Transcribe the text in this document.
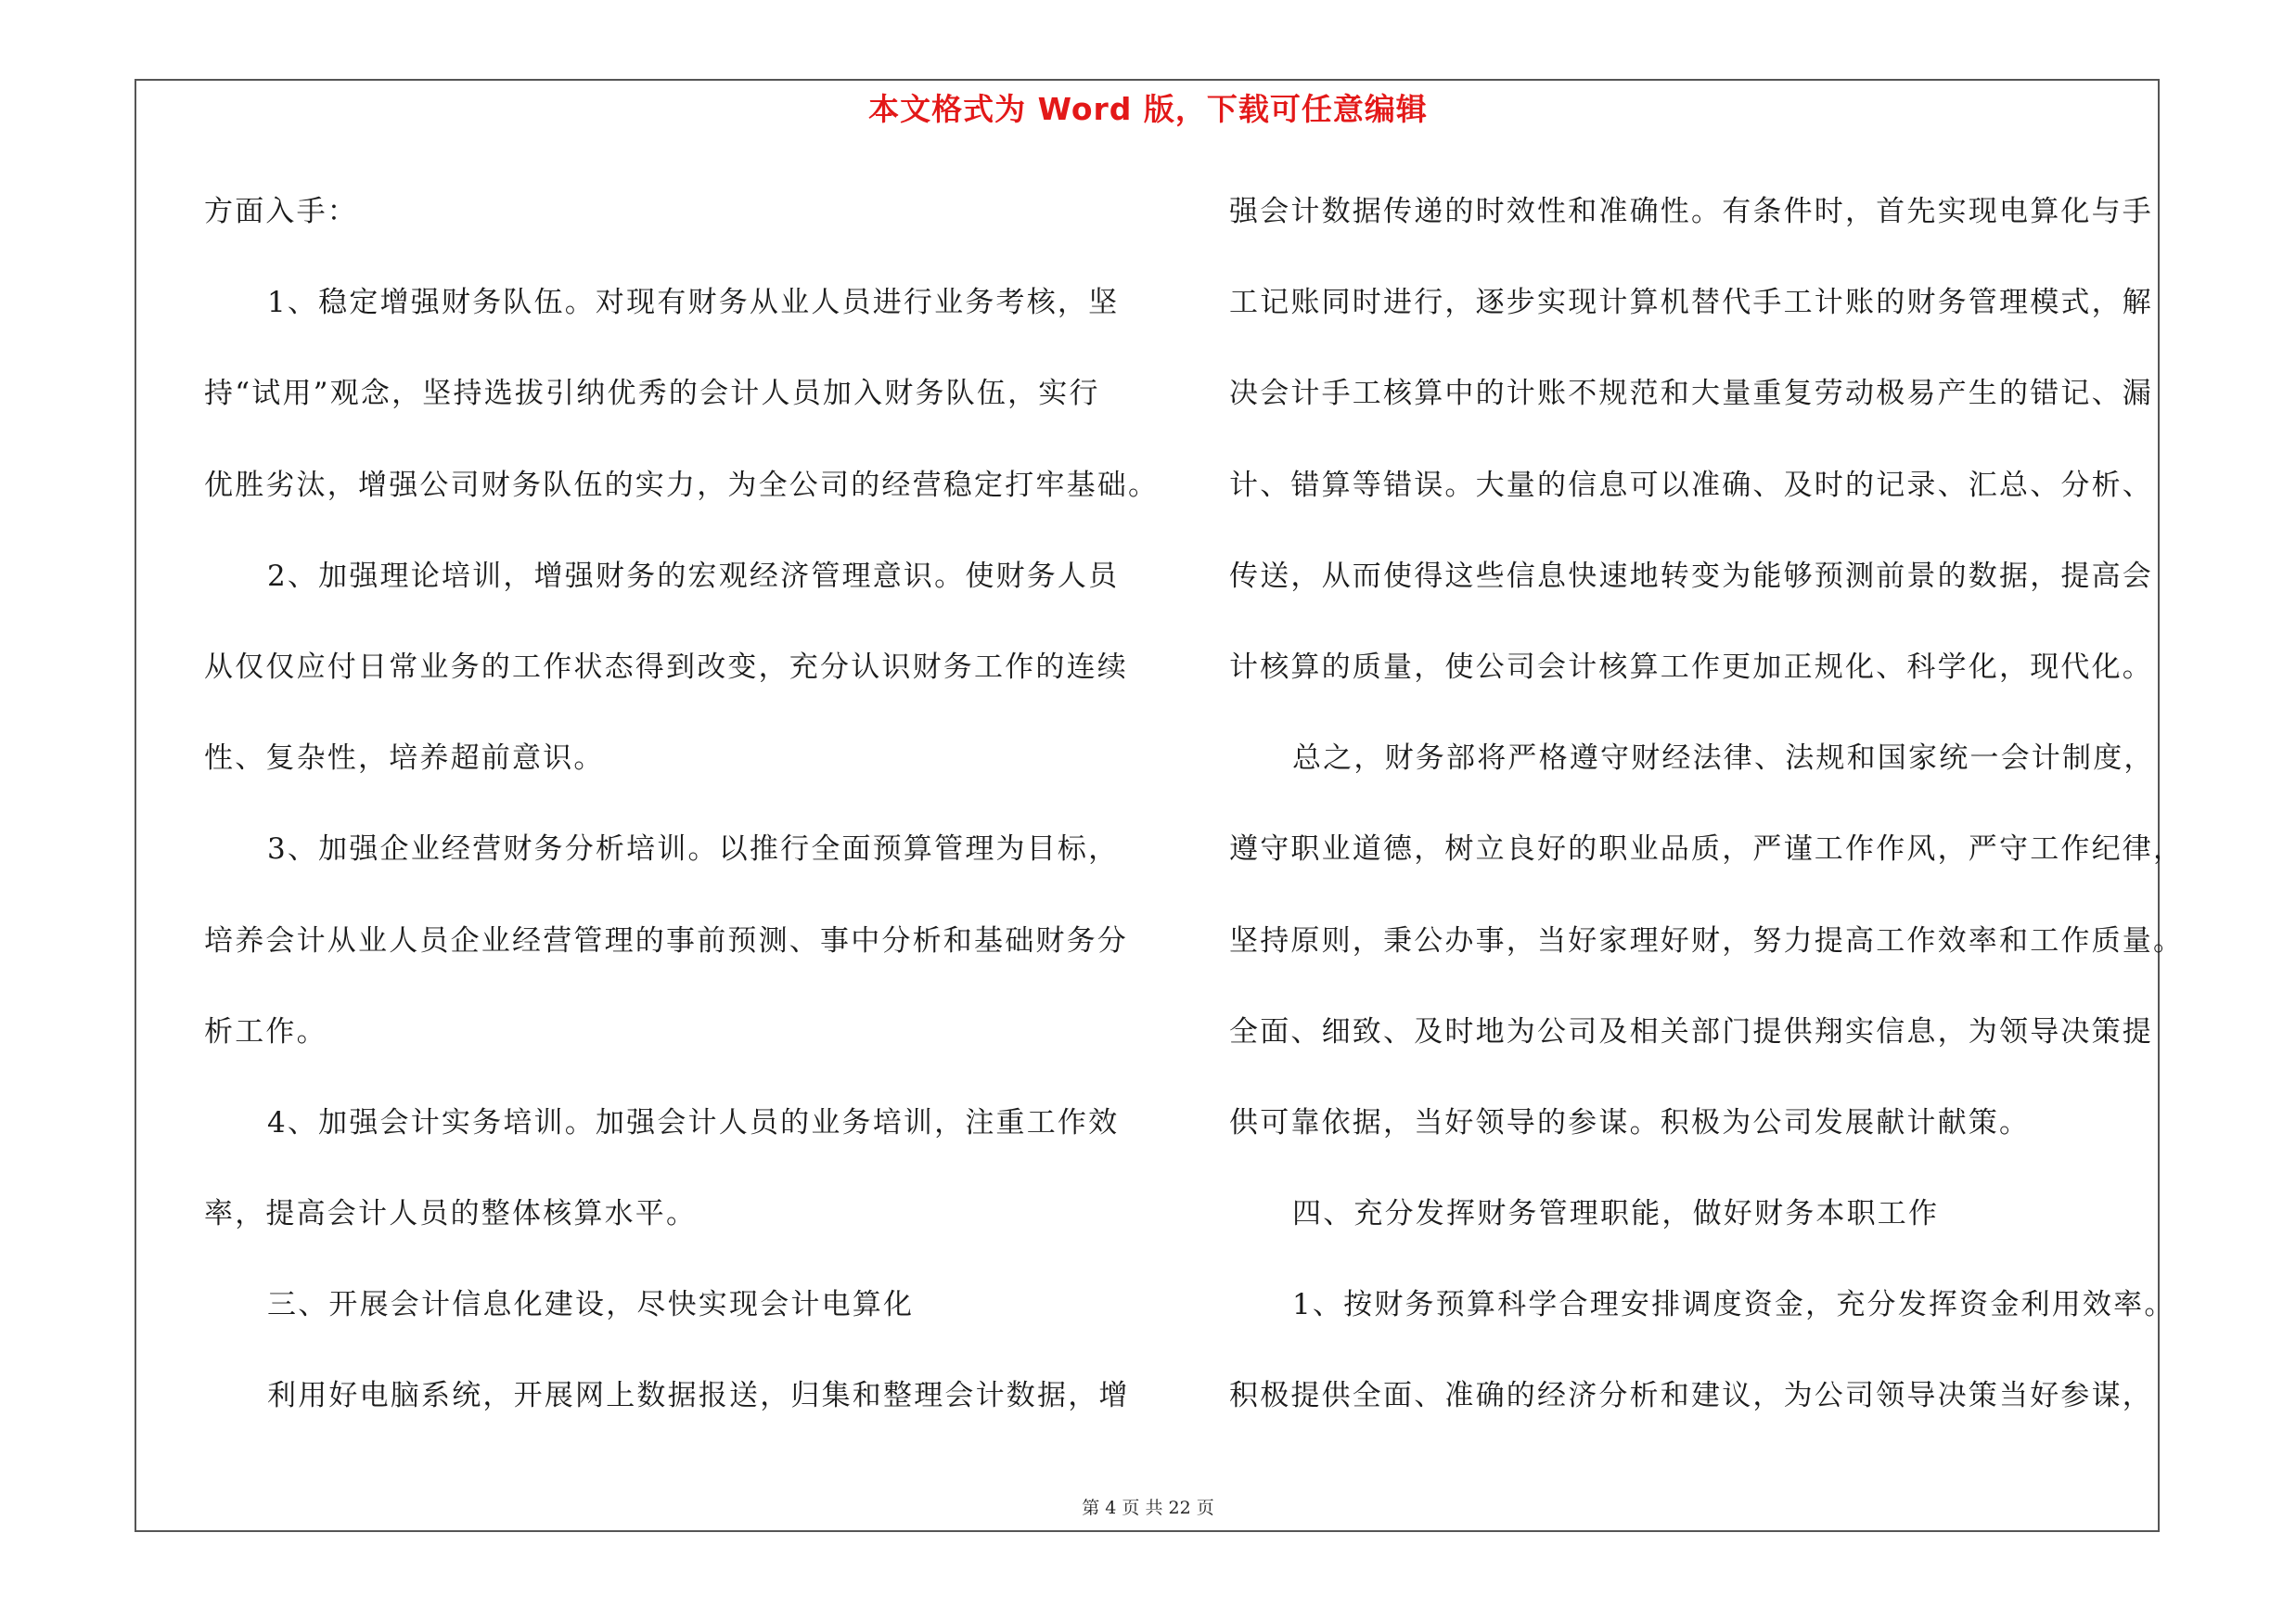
本文格式为 Word 版，下载可任意编辑
方面入手：
1、稳定增强财务队伍。对现有财务从业人员进行业务考核，坚
持“试用”观念，坚持选拔引纳优秀的会计人员加入财务队伍，实行
优胜劣汰，增强公司财务队伍的实力，为全公司的经营稳定打牢基础。
2、加强理论培训，增强财务的宏观经济管理意识。使财务人员
从仅仅应付日常业务的工作状态得到改变，充分认识财务工作的连续
性、复杂性，培养超前意识。
3、加强企业经营财务分析培训。以推行全面预算管理为目标，
培养会计从业人员企业经营管理的事前预测、事中分析和基础财务分
析工作。
4、加强会计实务培训。加强会计人员的业务培训，注重工作效
率，提高会计人员的整体核算水平。
三、开展会计信息化建设，尽快实现会计电算化
利用好电脑系统，开展网上数据报送，归集和整理会计数据，增
强会计数据传递的时效性和准确性。有条件时，首先实现电算化与手
工记账同时进行，逐步实现计算机替代手工计账的财务管理模式，解
决会计手工核算中的计账不规范和大量重复劳动极易产生的错记、漏
计、错算等错误。大量的信息可以准确、及时的记录、汇总、分析、
传送，从而使得这些信息快速地转变为能够预测前景的数据，提高会
计核算的质量，使公司会计核算工作更加正规化、科学化，现代化。
总之，财务部将严格遵守财经法律、法规和国家统一会计制度，
遵守职业道德，树立良好的职业品质，严谨工作作风，严守工作纪律，
坚持原则，秉公办事，当好家理好财，努力提高工作效率和工作质量。
全面、细致、及时地为公司及相关部门提供翔实信息，为领导决策提
供可靠依据，当好领导的参谋。积极为公司发展献计献策。
四、充分发挥财务管理职能，做好财务本职工作
1、按财务预算科学合理安排调度资金，充分发挥资金利用效率。
积极提供全面、准确的经济分析和建议，为公司领导决策当好参谋，
第 4 页 共 22 页
